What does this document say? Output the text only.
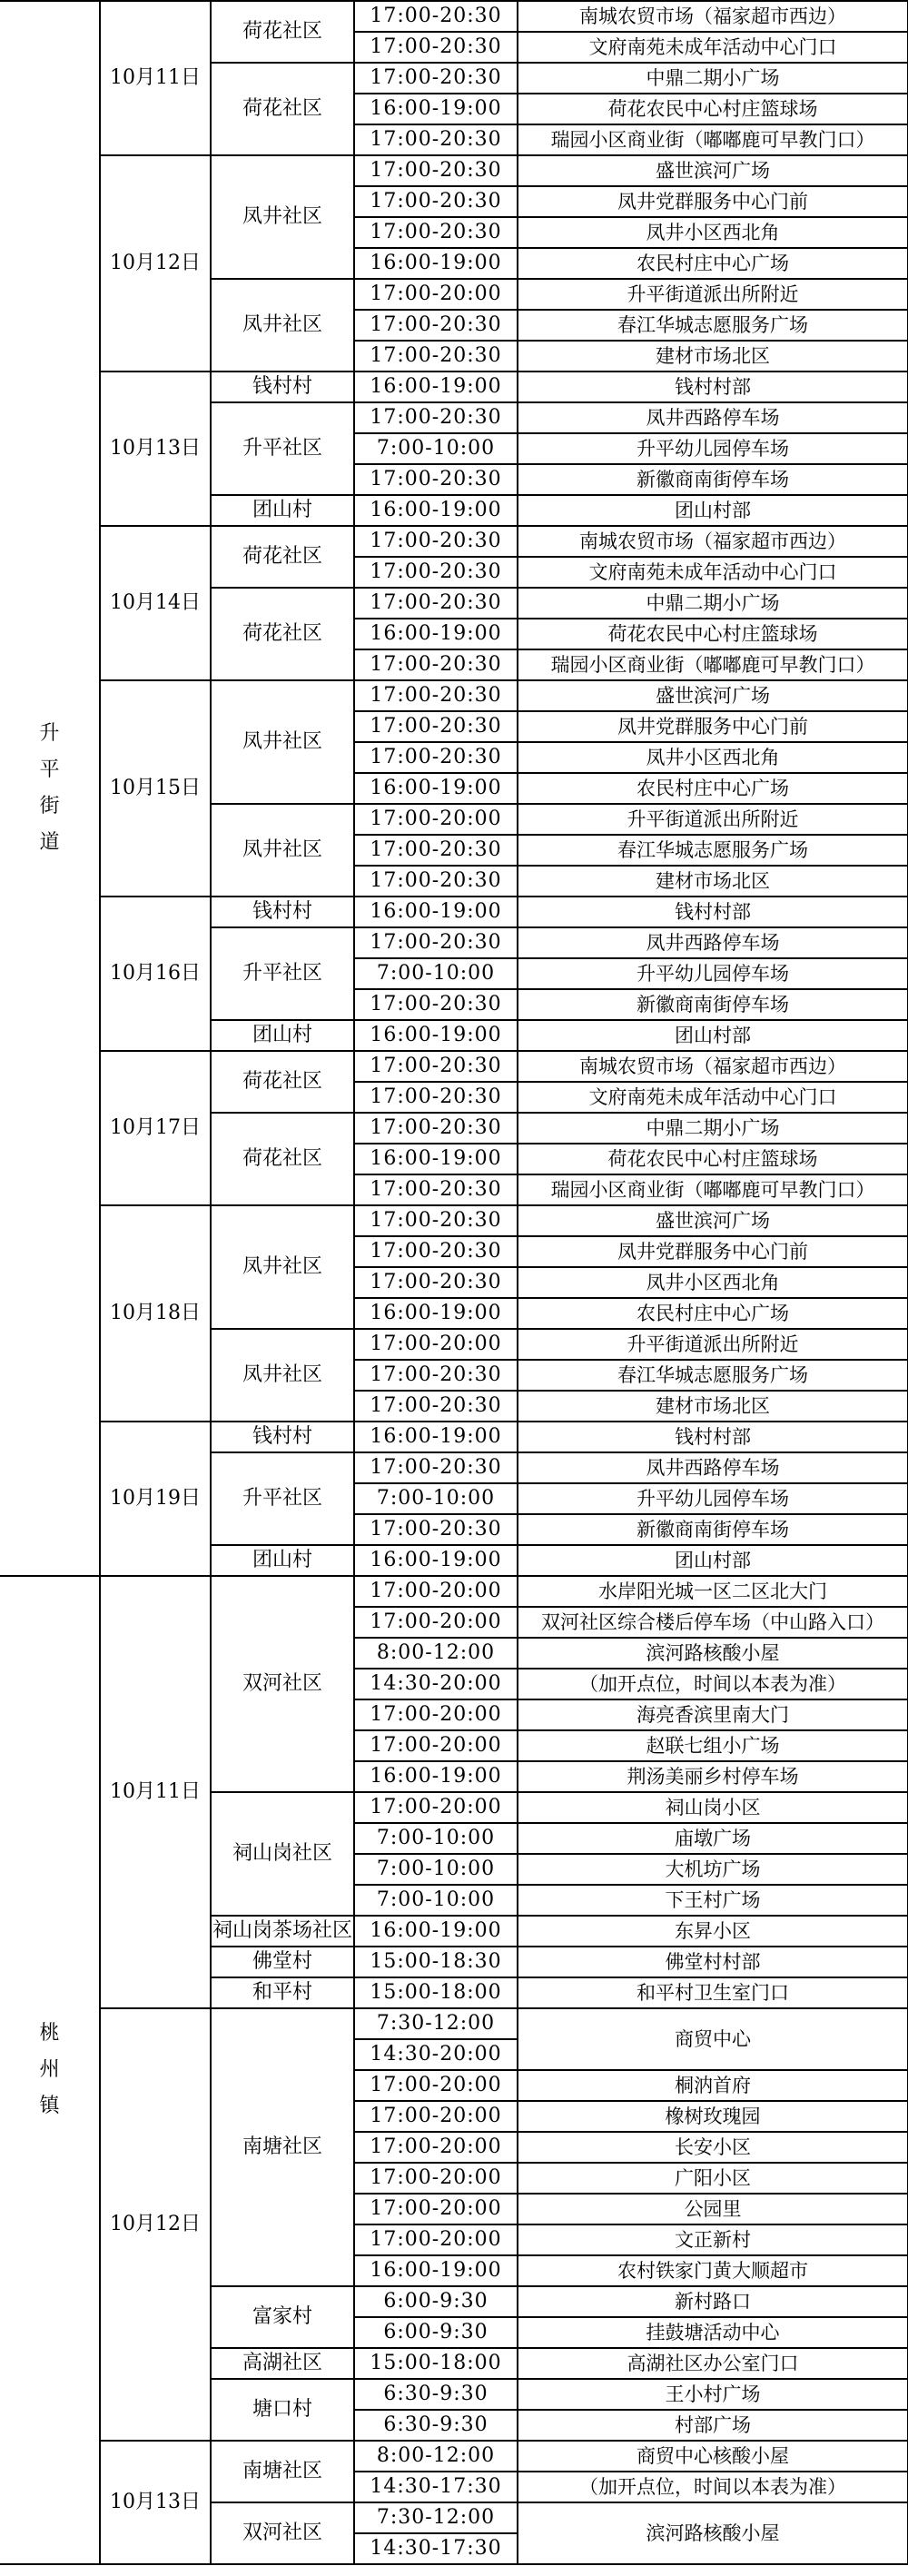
升
平
街
道	10月11日	荷花社区	17:00-20:30	南城农贸市场（福家超市西边）
			17:00-20:30	文府南苑未成年活动中心门口
		荷花社区	17:00-20:30	中鼎二期小广场
			16:00-19:00	荷花农民中心村庄篮球场
			17:00-20:30	瑞园小区商业街（嘟嘟鹿可早教门口）
	10月12日	凤井社区	17:00-20:30	盛世滨河广场
			17:00-20:30	凤井党群服务中心门前
			17:00-20:30	凤井小区西北角
			16:00-19:00	农民村庄中心广场
		凤井社区	17:00-20:00	升平街道派出所附近
			17:00-20:30	春江华城志愿服务广场
			17:00-20:30	建材市场北区
	10月13日	钱村村	16:00-19:00	钱村村部
		升平社区	17:00-20:30	凤井西路停车场
			7:00-10:00	升平幼儿园停车场
			17:00-20:30	新徽商南街停车场
		团山村	16:00-19:00	团山村部
	10月14日	荷花社区	17:00-20:30	南城农贸市场（福家超市西边）
			17:00-20:30	文府南苑未成年活动中心门口
		荷花社区	17:00-20:30	中鼎二期小广场
			16:00-19:00	荷花农民中心村庄篮球场
			17:00-20:30	瑞园小区商业街（嘟嘟鹿可早教门口）
	10月15日	凤井社区	17:00-20:30	盛世滨河广场
			17:00-20:30	凤井党群服务中心门前
			17:00-20:30	凤井小区西北角
			16:00-19:00	农民村庄中心广场
		凤井社区	17:00-20:00	升平街道派出所附近
			17:00-20:30	春江华城志愿服务广场
			17:00-20:30	建材市场北区
	10月16日	钱村村	16:00-19:00	钱村村部
		升平社区	17:00-20:30	凤井西路停车场
			7:00-10:00	升平幼儿园停车场
			17:00-20:30	新徽商南街停车场
		团山村	16:00-19:00	团山村部
	10月17日	荷花社区	17:00-20:30	南城农贸市场（福家超市西边）
			17:00-20:30	文府南苑未成年活动中心门口
		荷花社区	17:00-20:30	中鼎二期小广场
			16:00-19:00	荷花农民中心村庄篮球场
			17:00-20:30	瑞园小区商业街（嘟嘟鹿可早教门口）
	10月18日	凤井社区	17:00-20:30	盛世滨河广场
			17:00-20:30	凤井党群服务中心门前
			17:00-20:30	凤井小区西北角
			16:00-19:00	农民村庄中心广场
		凤井社区	17:00-20:00	升平街道派出所附近
			17:00-20:30	春江华城志愿服务广场
			17:00-20:30	建材市场北区
	10月19日	钱村村	16:00-19:00	钱村村部
		升平社区	17:00-20:30	凤井西路停车场
			7:00-10:00	升平幼儿园停车场
			17:00-20:30	新徽商南街停车场
		团山村	16:00-19:00	团山村部

桃
州
镇	10月11日	双河社区	17:00-20:00	水岸阳光城一区二区北大门
			17:00-20:00	双河社区综合楼后停车场（中山路入口）
			8:00-12:00	滨河路核酸小屋
			14:30-20:00	（加开点位，时间以本表为准）
			17:00-20:00	海亮香滨里南大门
			17:00-20:00	赵联七组小广场
			16:00-19:00	荆汤美丽乡村停车场
		祠山岗社区	17:00-20:00	祠山岗小区
			7:00-10:00	庙墩广场
			7:00-10:00	大机坊广场
			7:00-10:00	下王村广场
		祠山岗茶场社区	16:00-19:00	东昇小区
		佛堂村	15:00-18:30	佛堂村村部
		和平村	15:00-18:00	和平村卫生室门口
	10月12日	南塘社区	7:30-12:00	商贸中心
			14:30-20:00	
			17:00-20:00	桐汭首府
			17:00-20:00	橡树玫瑰园
			17:00-20:00	长安小区
			17:00-20:00	广阳小区
			17:00-20:00	公园里
			17:00-20:00	文正新村
			16:00-19:00	农村铁家门黄大顺超市
		富家村	6:00-9:30	新村路口
			6:00-9:30	挂鼓塘活动中心
		高湖社区	15:00-18:00	高湖社区办公室门口
		塘口村	6:30-9:30	王小村广场
			6:30-9:30	村部广场
	10月13日	南塘社区	8:00-12:00	商贸中心核酸小屋
			14:30-17:30	（加开点位，时间以本表为准）
		双河社区	7:30-12:00	滨河路核酸小屋
			14:30-17:30	
